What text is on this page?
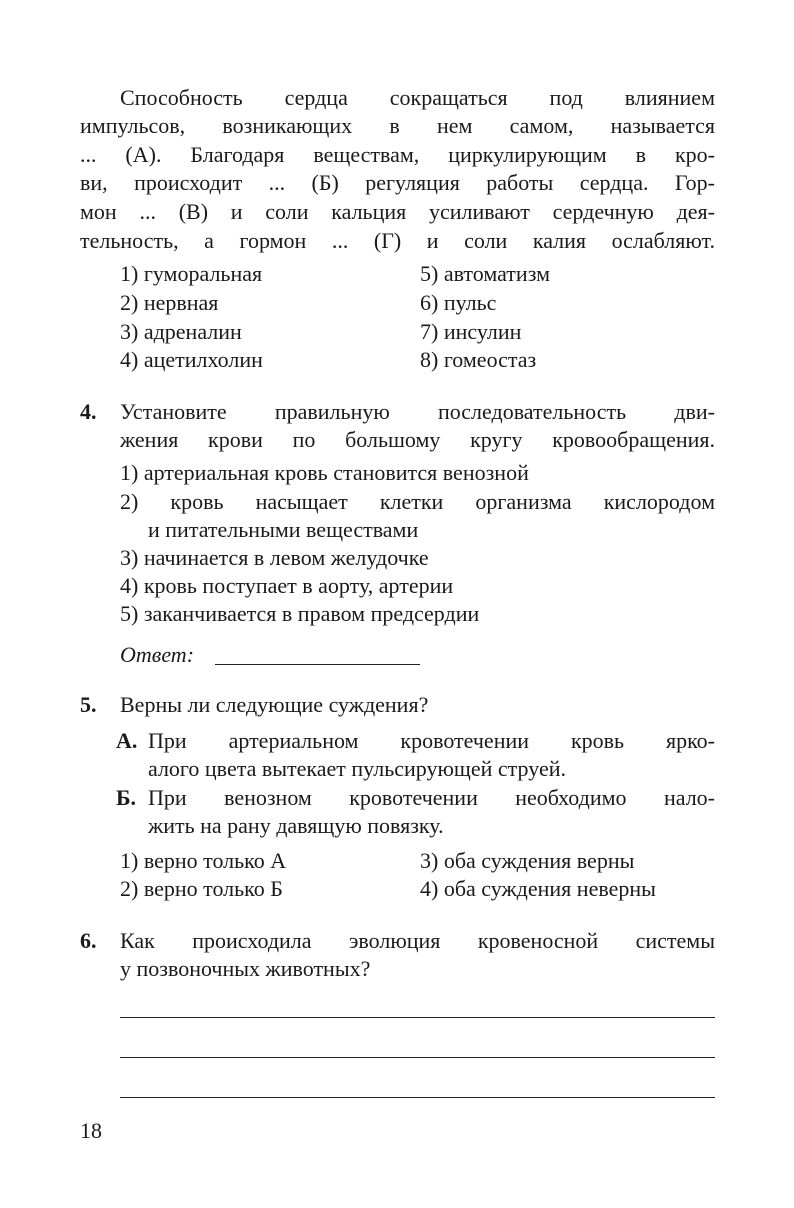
Способность сердца сокращаться под влиянием
импульсов, возникающих в нем самом, называется
... (А). Благодаря веществам, циркулирующим в кро-
ви, происходит ... (Б) регуляция работы сердца. Гор-
мон ... (В) и соли кальция усиливают сердечную дея-
тельность, а гормон ... (Г) и соли калия ослабляют.
1) гуморальная
2) нервная
3) адреналин
4) ацетилхолин
5) автоматизм
6) пульс
7) инсулин
8) гомеостаз
4. Установите правильную последовательность дви-
жения крови по большому кругу кровообращения.
1) артериальная кровь становится венозной
2) кровь насыщает клетки организма кислородом
и питательными веществами
3) начинается в левом желудочке
4) кровь поступает в аорту, артерии
5) заканчивается в правом предсердии
Ответ:
5. Верны ли следующие суждения?
А. При артериальном кровотечении кровь ярко-
алого цвета вытекает пульсирующей струей.
Б. При венозном кровотечении необходимо нало-
жить на рану давящую повязку.
1) верно только А
2) верно только Б
3) оба суждения верны
4) оба суждения неверны
6. Как происходила эволюция кровеносной системы
у позвоночных животных?
18
